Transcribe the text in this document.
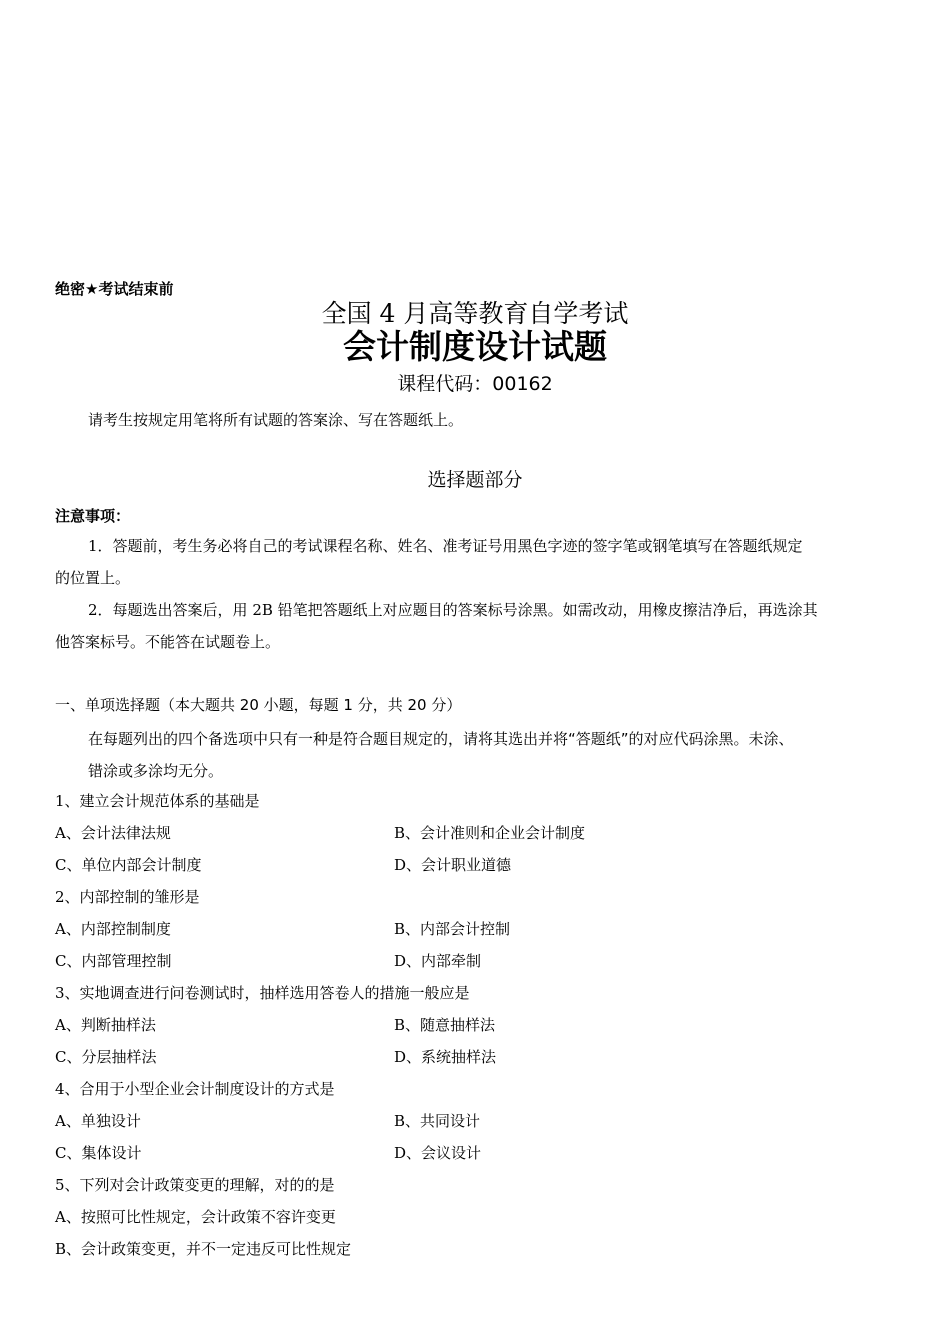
绝密★考试结束前
全国 4 月高等教育自学考试
会计制度设计试题
课程代码：00162
请考生按规定用笔将所有试题的答案涂、写在答题纸上。
选择题部分
注意事项：
1．答题前，考生务必将自己的考试课程名称、姓名、准考证号用黑色字迹的签字笔或钢笔填写在答题纸规定
的位置上。
2．每题选出答案后，用 2B 铅笔把答题纸上对应题目的答案标号涂黑。如需改动，用橡皮擦洁净后，再选涂其
他答案标号。不能答在试题卷上。
一、单项选择题（本大题共 20 小题，每题 1 分，共 20 分）
在每题列出的四个备选项中只有一种是符合题目规定的，请将其选出并将“答题纸”的对应代码涂黑。未涂、
错涂或多涂均无分。
1、建立会计规范体系的基础是
A、会计法律法规	B、会计准则和企业会计制度
C、单位内部会计制度	D、会计职业道德
2、内部控制的雏形是
A、内部控制制度	B、内部会计控制
C、内部管理控制	D、内部牵制
3、实地调查进行问卷测试时，抽样选用答卷人的措施一般应是
A、判断抽样法	B、随意抽样法
C、分层抽样法	D、系统抽样法
4、合用于小型企业会计制度设计的方式是
A、单独设计	B、共同设计
C、集体设计	D、会议设计
5、下列对会计政策变更的理解，对的的是
A、按照可比性规定，会计政策不容许变更
B、会计政策变更，并不一定违反可比性规定
